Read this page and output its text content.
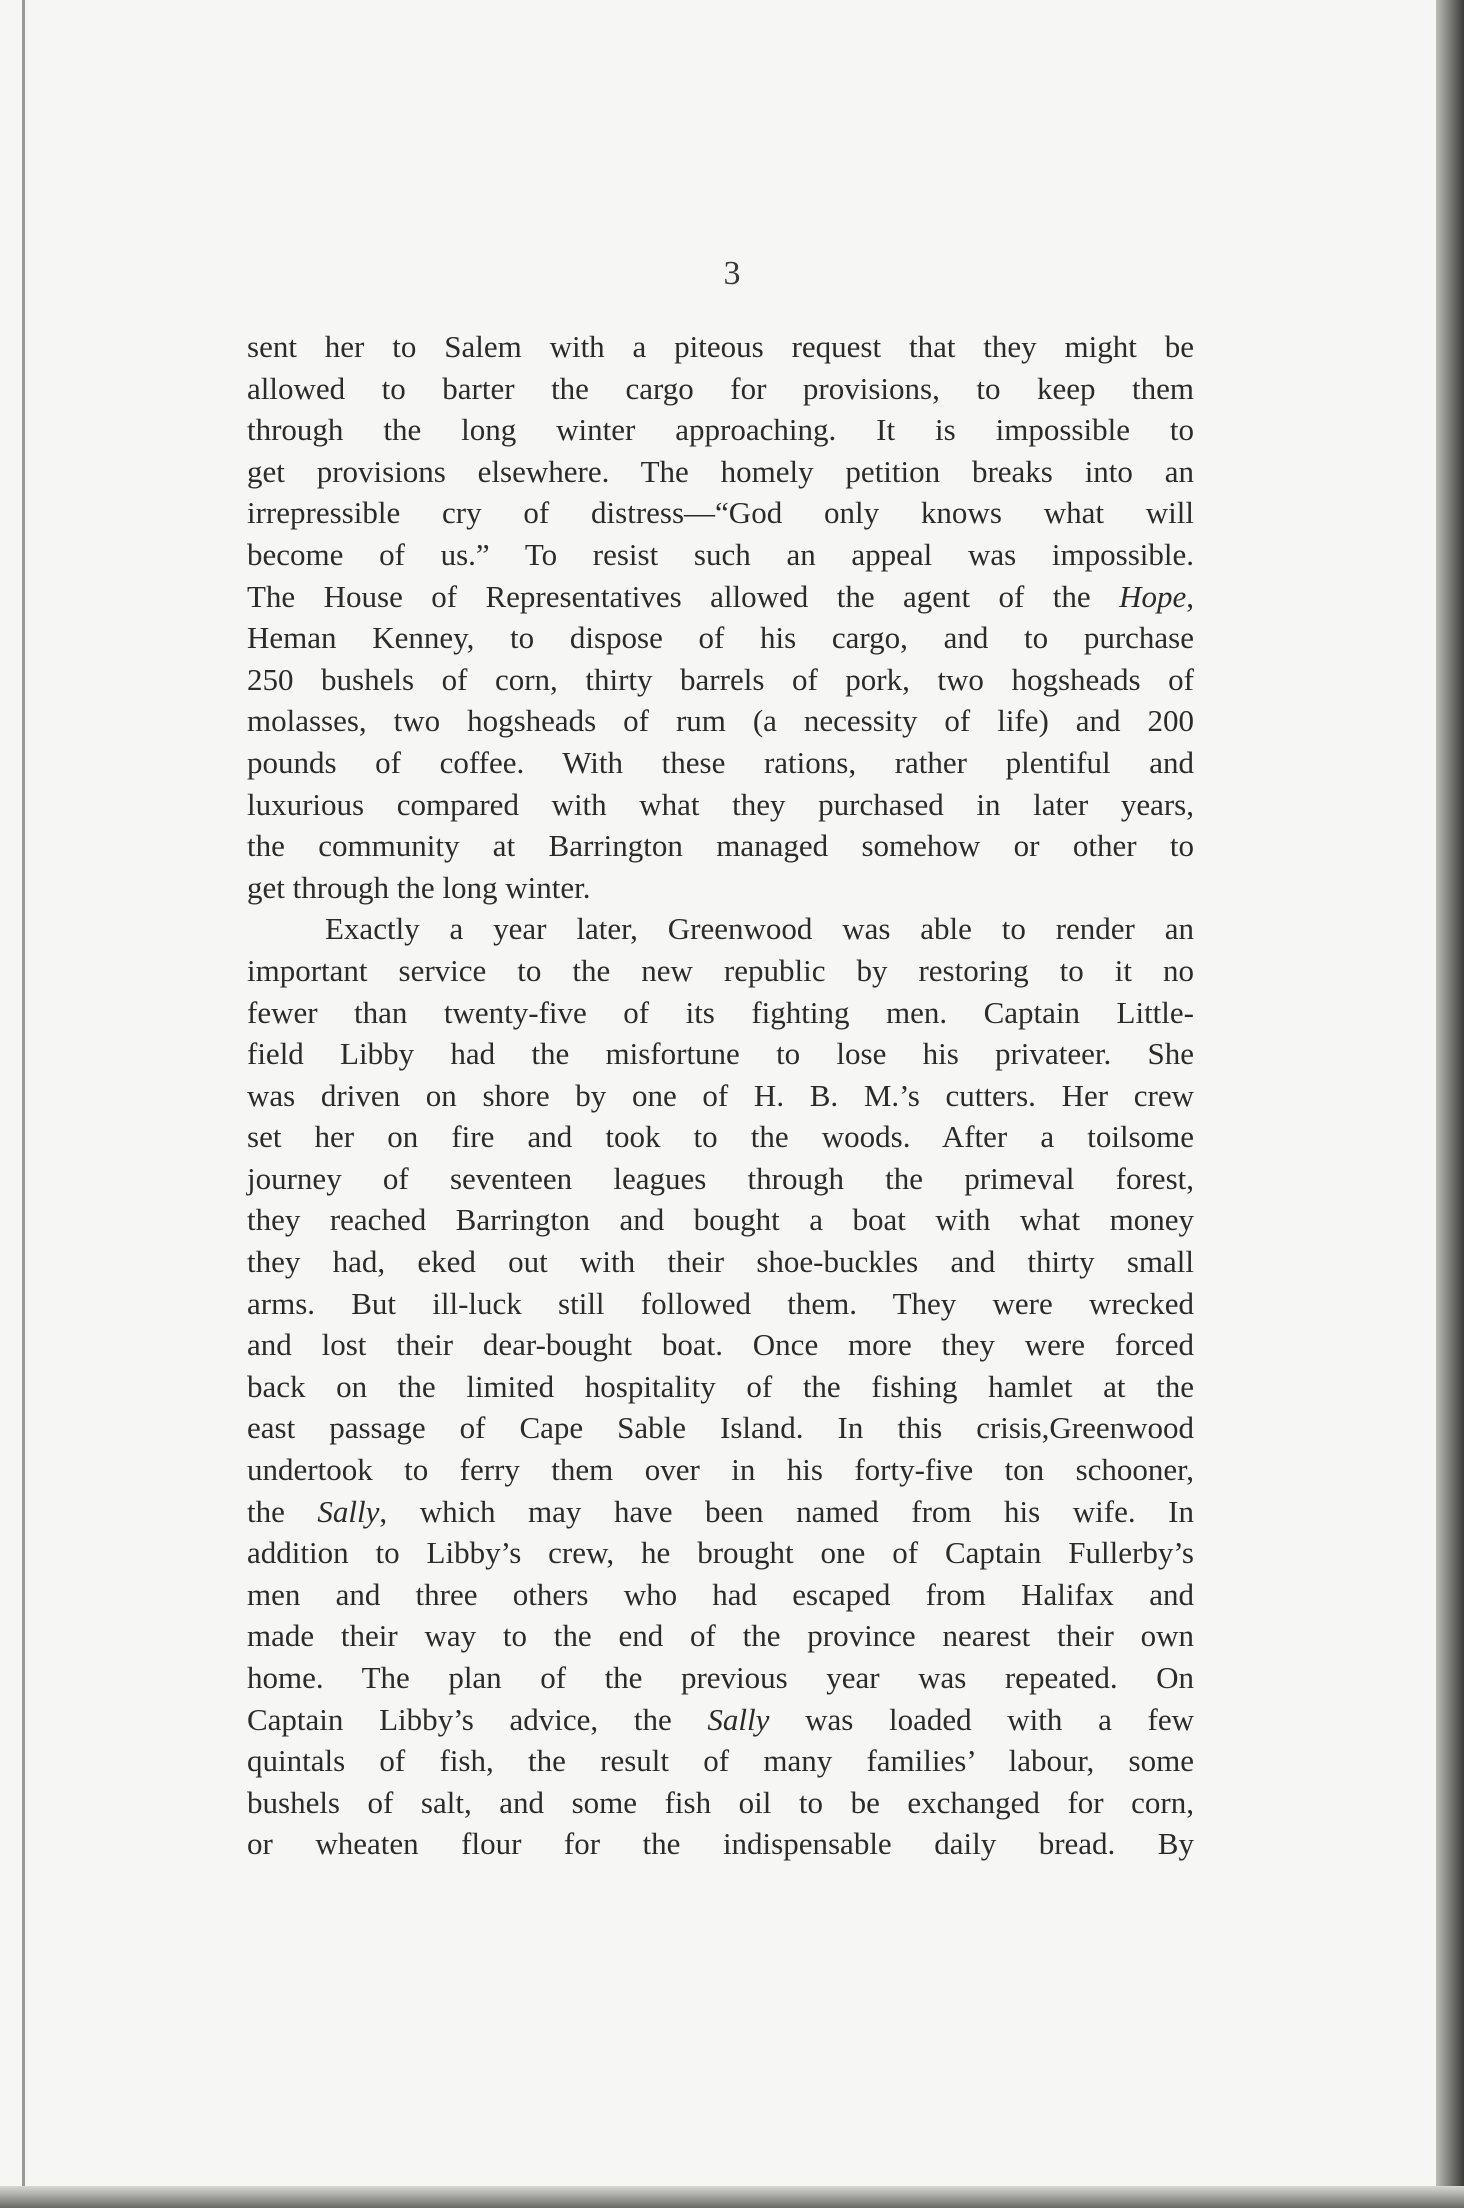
3
sent her to Salem with a piteous request that they might be
allowed to barter the cargo for provisions, to keep them
through the long winter approaching. It is impossible to
get provisions elsewhere. The homely petition breaks into an
irrepressible cry of distress—“God only knows what will
become of us.” To resist such an appeal was impossible.
The House of Representatives allowed the agent of the Hope,
Heman Kenney, to dispose of his cargo, and to purchase
250 bushels of corn, thirty barrels of pork, two hogsheads of
molasses, two hogsheads of rum (a necessity of life) and 200
pounds of coffee. With these rations, rather plentiful and
luxurious compared with what they purchased in later years,
the community at Barrington managed somehow or other to
get through the long winter.
Exactly a year later, Greenwood was able to render an
important service to the new republic by restoring to it no
fewer than twenty-five of its fighting men. Captain Little-
field Libby had the misfortune to lose his privateer. She
was driven on shore by one of H. B. M.’s cutters. Her crew
set her on fire and took to the woods. After a toilsome
journey of seventeen leagues through the primeval forest,
they reached Barrington and bought a boat with what money
they had, eked out with their shoe-buckles and thirty small
arms. But ill-luck still followed them. They were wrecked
and lost their dear-bought boat. Once more they were forced
back on the limited hospitality of the fishing hamlet at the
east passage of Cape Sable Island. In this crisis,Greenwood
undertook to ferry them over in his forty-five ton schooner,
the Sally, which may have been named from his wife. In
addition to Libby’s crew, he brought one of Captain Fullerby’s
men and three others who had escaped from Halifax and
made their way to the end of the province nearest their own
home. The plan of the previous year was repeated. On
Captain Libby’s advice, the Sally was loaded with a few
quintals of fish, the result of many families’ labour, some
bushels of salt, and some fish oil to be exchanged for corn,
or wheaten flour for the indispensable daily bread. By
